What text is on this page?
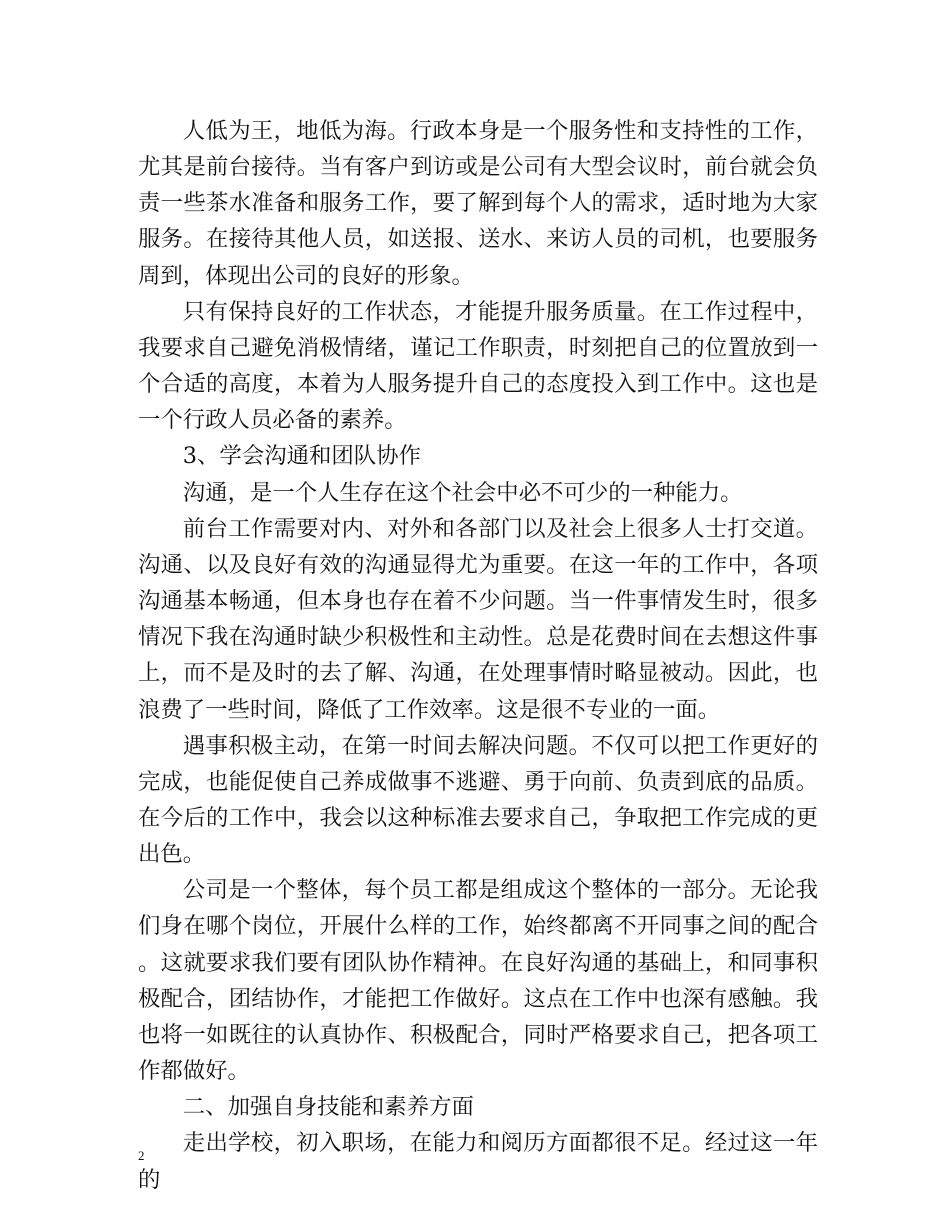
人低为王，地低为海。行政本身是一个服务性和支持性的工作，尤其是前台接待。当有客户到访或是公司有大型会议时，前台就会负责一些茶水准备和服务工作，要了解到每个人的需求，适时地为大家服务。在接待其他人员，如送报、送水、来访人员的司机，也要服务周到，体现出公司的良好的形象。

只有保持良好的工作状态，才能提升服务质量。在工作过程中，我要求自己避免消极情绪，谨记工作职责，时刻把自己的位置放到一个合适的高度，本着为人服务提升自己的态度投入到工作中。这也是一个行政人员必备的素养。

3、学会沟通和团队协作

沟通，是一个人生存在这个社会中必不可少的一种能力。

前台工作需要对内、对外和各部门以及社会上很多人士打交道。沟通、以及良好有效的沟通显得尤为重要。在这一年的工作中，各项沟通基本畅通，但本身也存在着不少问题。当一件事情发生时，很多情况下我在沟通时缺少积极性和主动性。总是花费时间在去想这件事上，而不是及时的去了解、沟通，在处理事情时略显被动。因此，也浪费了一些时间，降低了工作效率。这是很不专业的一面。

遇事积极主动，在第一时间去解决问题。不仅可以把工作更好的完成，也能促使自己养成做事不逃避、勇于向前、负责到底的品质。在今后的工作中，我会以这种标准去要求自己，争取把工作完成的更出色。

公司是一个整体，每个员工都是组成这个整体的一部分。无论我们身在哪个岗位，开展什么样的工作，始终都离不开同事之间的配合。这就要求我们要有团队协作精神。在良好沟通的基础上，和同事积极配合，团结协作，才能把工作做好。这点在工作中也深有感触。我也将一如既往的认真协作、积极配合，同时严格要求自己，把各项工作都做好。

二、加强自身技能和素养方面

走出学校，初入职场，在能力和阅历方面都很不足。经过这一年的

2
